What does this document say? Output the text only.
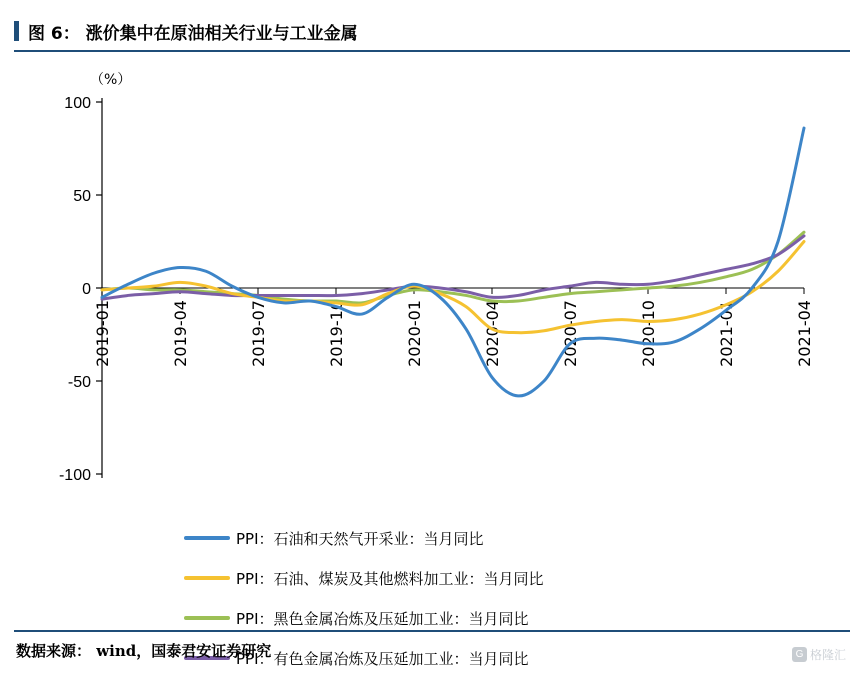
图 6： 涨价集中在原油相关行业与工业金属
（%）
-100
-50
0
50
100
2019-01	2019-04	2019-07	2019-10	2020-01	2020-04	2020-07	2020-10	2021-01	2021-04
PPI：石油和天然气开采业：当月同比
PPI：石油、煤炭及其他燃料加工业：当月同比
PPI：黑色金属冶炼及压延加工业：当月同比
PPI：有色金属冶炼及压延加工业：当月同比
数据来源： wind，国泰君安证券研究	G 格隆汇
